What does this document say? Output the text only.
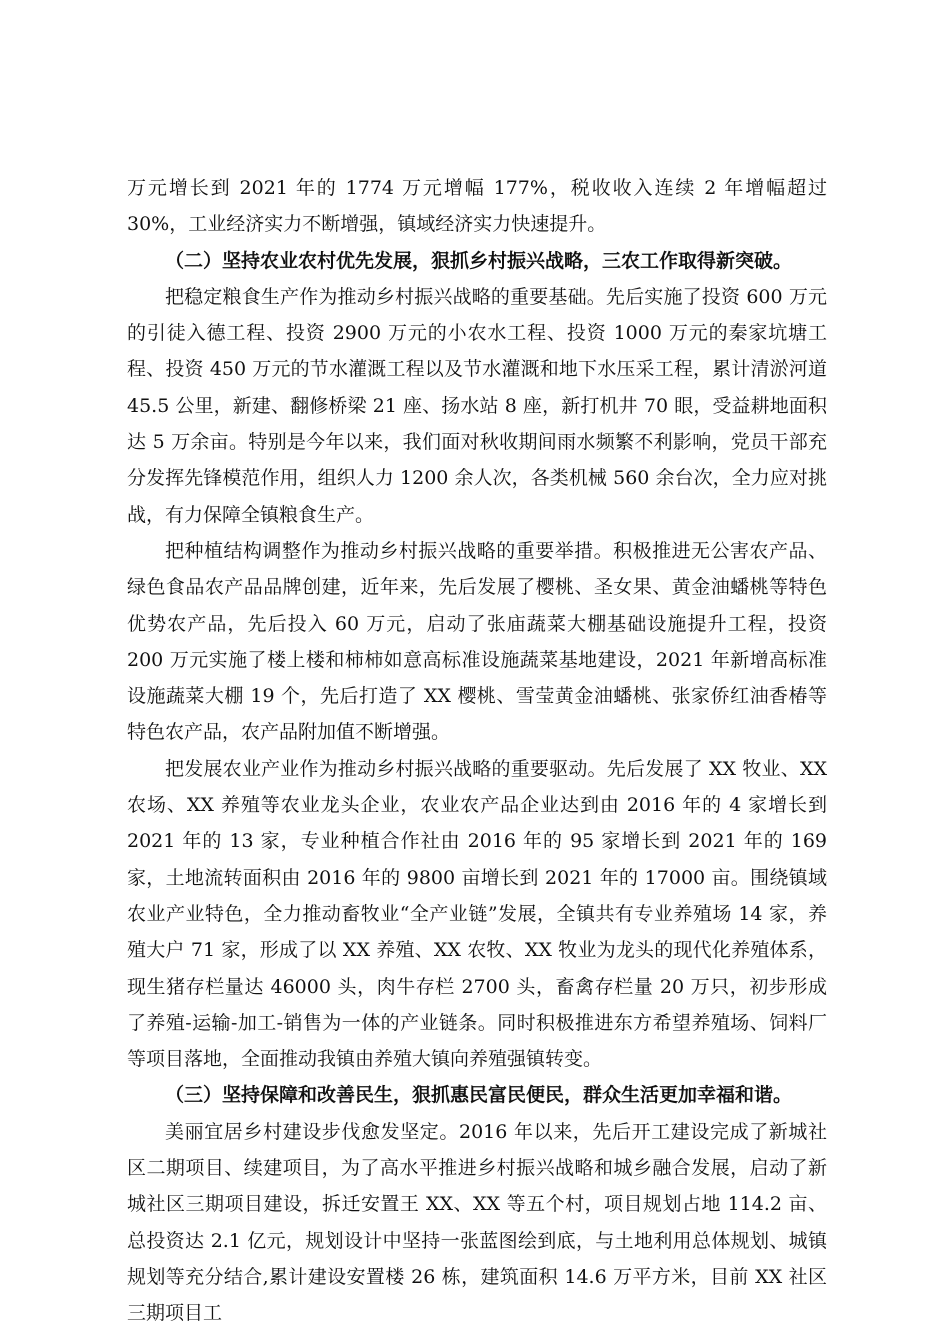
万元增长到 2021 年的 1774 万元增幅 177%，税收收入连续 2 年增幅超过 30%，工业经济实力不断增强，镇域经济实力快速提升。

（二）坚持农业农村优先发展，狠抓乡村振兴战略，三农工作取得新突破。

把稳定粮食生产作为推动乡村振兴战略的重要基础。先后实施了投资 600 万元的引徒入德工程、投资 2900 万元的小农水工程、投资 1000 万元的秦家坑塘工程、投资 450 万元的节水灌溉工程以及节水灌溉和地下水压采工程，累计清淤河道 45.5 公里，新建、翻修桥梁 21 座、扬水站 8 座，新打机井 70 眼，受益耕地面积达 5 万余亩。特别是今年以来，我们面对秋收期间雨水频繁不利影响，党员干部充分发挥先锋模范作用，组织人力 1200 余人次，各类机械 560 余台次，全力应对挑战，有力保障全镇粮食生产。

把种植结构调整作为推动乡村振兴战略的重要举措。积极推进无公害农产品、绿色食品农产品品牌创建，近年来，先后发展了樱桃、圣女果、黄金油蟠桃等特色优势农产品，先后投入 60 万元，启动了张庙蔬菜大棚基础设施提升工程，投资 200 万元实施了楼上楼和柿柿如意高标准设施蔬菜基地建设，2021 年新增高标准设施蔬菜大棚 19 个，先后打造了 XX 樱桃、雪莹黄金油蟠桃、张家侨红油香椿等特色农产品，农产品附加值不断增强。

把发展农业产业作为推动乡村振兴战略的重要驱动。先后发展了 XX 牧业、XX 农场、XX 养殖等农业龙头企业，农业农产品企业达到由 2016 年的 4 家增长到 2021 年的 13 家，专业种植合作社由 2016 年的 95 家增长到 2021 年的 169 家，土地流转面积由 2016 年的 9800 亩增长到 2021 年的 17000 亩。围绕镇域农业产业特色，全力推动畜牧业“全产业链”发展，全镇共有专业养殖场 14 家，养殖大户 71 家，形成了以 XX 养殖、XX 农牧、XX 牧业为龙头的现代化养殖体系，现生猪存栏量达 46000 头，肉牛存栏 2700 头，畜禽存栏量 20 万只，初步形成了养殖-运输-加工-销售为一体的产业链条。同时积极推进东方希望养殖场、饲料厂等项目落地，全面推动我镇由养殖大镇向养殖强镇转变。

（三）坚持保障和改善民生，狠抓惠民富民便民，群众生活更加幸福和谐。

美丽宜居乡村建设步伐愈发坚定。2016 年以来，先后开工建设完成了新城社区二期项目、续建项目，为了高水平推进乡村振兴战略和城乡融合发展，启动了新城社区三期项目建设，拆迁安置王 XX、XX 等五个村，项目规划占地 114.2 亩、总投资达 2.1 亿元，规划设计中坚持一张蓝图绘到底，与土地利用总体规划、城镇规划等充分结合,累计建设安置楼 26 栋，建筑面积 14.6 万平方米，目前 XX 社区三期项目工
